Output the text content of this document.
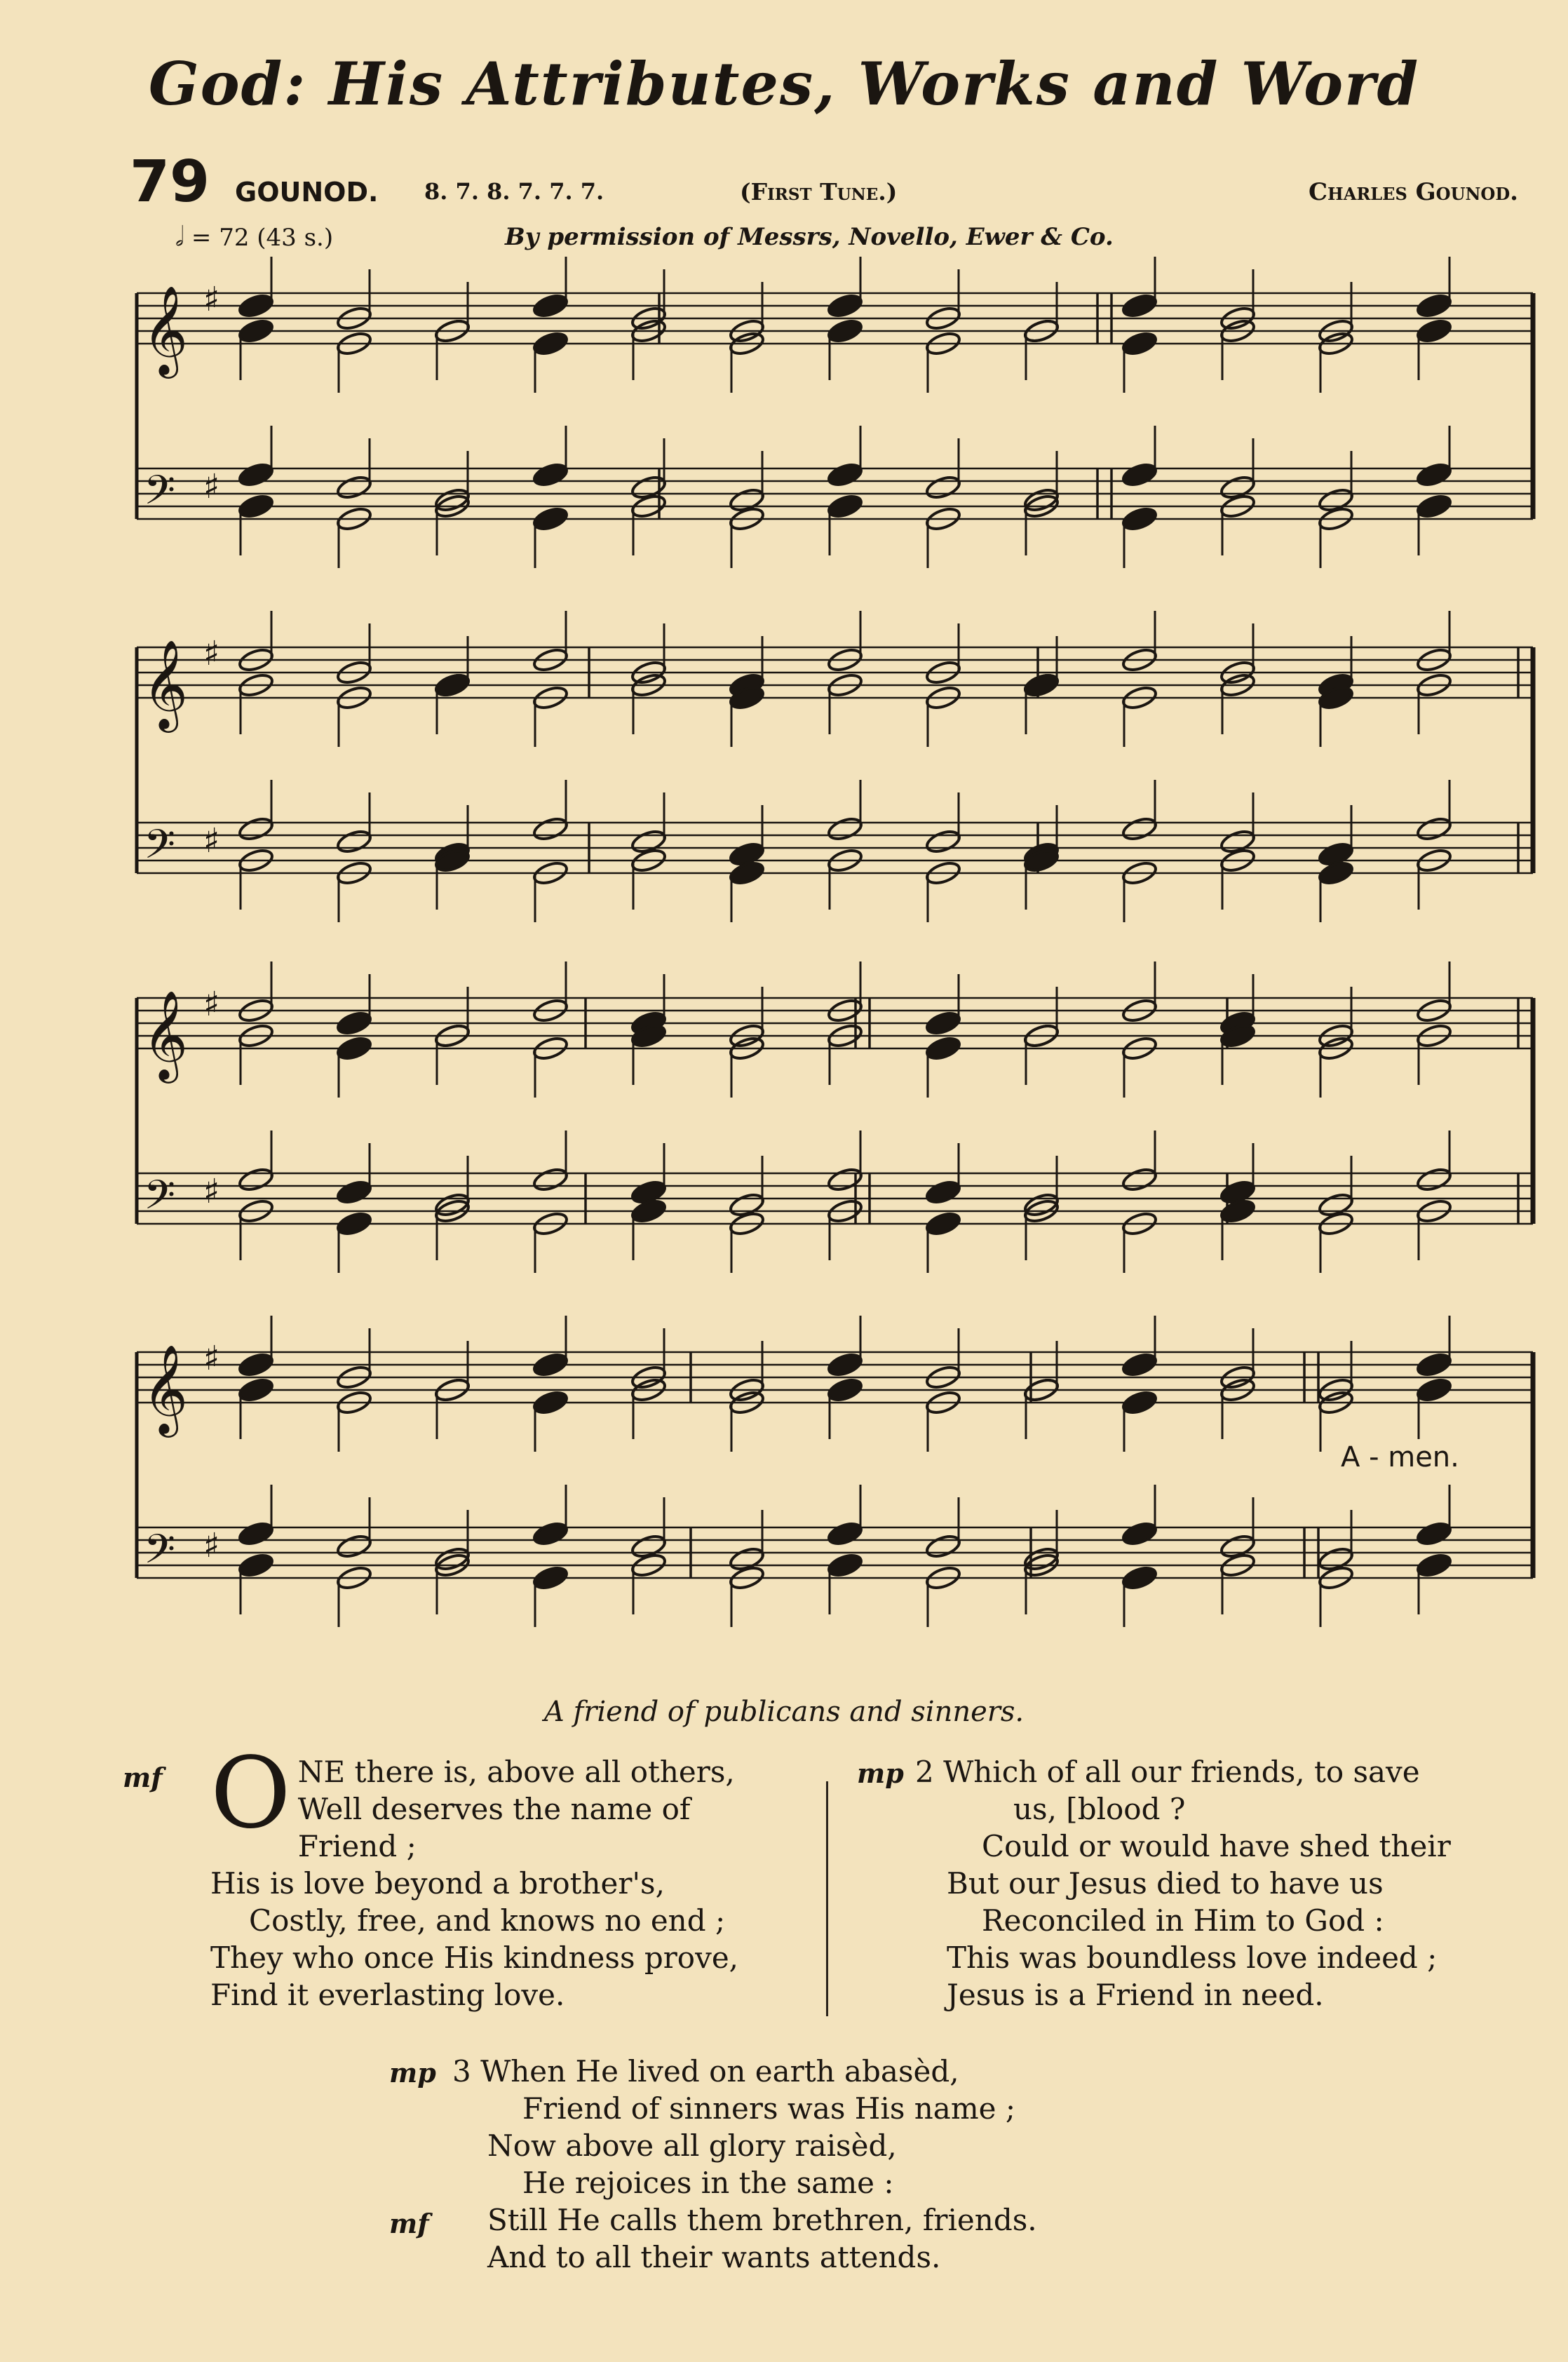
God: His Attributes, Works and Word
79 GOUNOD. 8. 7. 8. 7. 7. 7.	(First Tune.)	Charles Gounod.
𝅗𝅥 = 72 (43 s.)	By permission of Messrs, Novello, Ewer & Co.
𝄞
𝄢
♯
♯
𝄞
𝄢
♯
♯
𝄞
𝄢
♯
♯
𝄞
𝄢
♯
♯
A - men.
A friend of publicans and sinners.
mf O NE there is, above all others,
Well deserves the name of
Friend ;
His is love beyond a brother's,
Costly, free, and knows no end ;
They who once His kindness prove,
Find it everlasting love.
mp 2 Which of all our friends, to save
us, [blood ?
Could or would have shed their
But our Jesus died to have us
Reconciled in Him to God :
This was boundless love indeed ;
Jesus is a Friend in need.
mp
mf
3 When He lived on earth abasèd,
Friend of sinners was His name ;
Now above all glory raisèd,
He rejoices in the same :
Still He calls them brethren, friends.
And to all their wants attends.
